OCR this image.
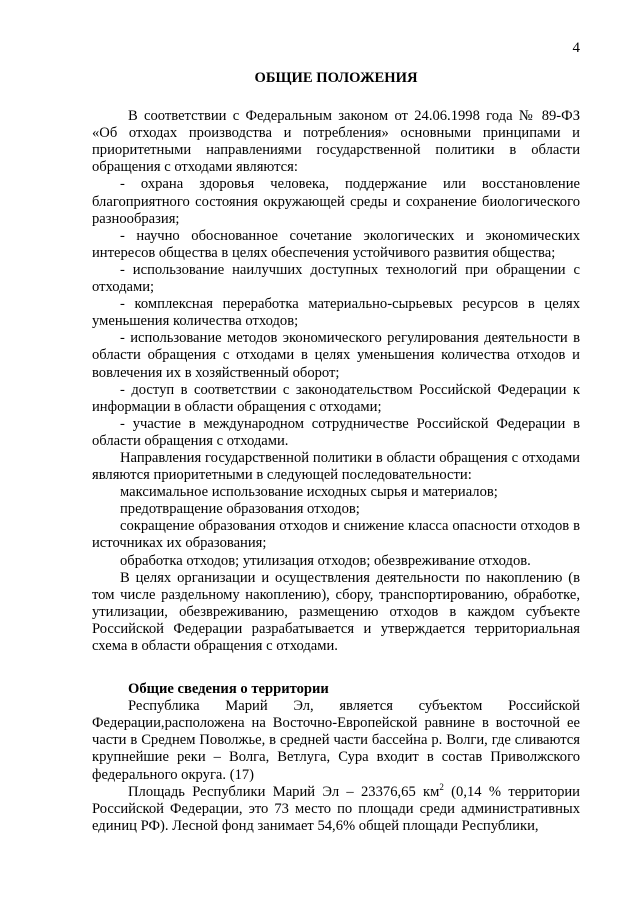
4
ОБЩИЕ ПОЛОЖЕНИЯ

В соответствии с Федеральным законом от 24.06.1998 года № 89-ФЗ «Об отходах производства и потребления» основными принципами и приоритетными направлениями государственной политики в области обращения с отходами являются:

- охрана здоровья человека, поддержание или восстановление благоприятного состояния окружающей среды и сохранение биологического разнообразия;

- научно обоснованное сочетание экологических и экономических интересов общества в целях обеспечения устойчивого развития общества;

- использование наилучших доступных технологий при обращении с отходами;

- комплексная переработка материально-сырьевых ресурсов в целях уменьшения количества отходов;

- использование методов экономического регулирования деятельности в области обращения с отходами в целях уменьшения количества отходов и вовлечения их в хозяйственный оборот;

- доступ в соответствии с законодательством Российской Федерации к информации в области обращения с отходами;

- участие в международном сотрудничестве Российской Федерации в области обращения с отходами.

Направления государственной политики в области обращения с отходами являются приоритетными в следующей последовательности:

максимальное использование исходных сырья и материалов;

предотвращение образования отходов;

сокращение образования отходов и снижение класса опасности отходов в источниках их образования;

обработка отходов; утилизация отходов; обезвреживание отходов.

В целях организации и осуществления деятельности по накоплению (в том числе раздельному накоплению), сбору, транспортированию, обработке, утилизации, обезвреживанию, размещению отходов в каждом субъекте Российской Федерации разрабатывается и утверждается территориальная схема в области обращения с отходами.

Общие сведения о территории

Республика Марий Эл, является субъектом Российской Федерации,расположена на Восточно-Европейской равнине в восточной ее части в Среднем Поволжье, в средней части бассейна р. Волги, где сливаются крупнейшие реки – Волга, Ветлуга, Сура входит в состав Приволжского федерального округа. (17)

Площадь Республики Марий Эл – 23376,65 $км^2$ (0,14 % территории Российской Федерации, это 73 место по площади среди административных единиц РФ). Лесной фонд занимает 54,6% общей площади Республики,
